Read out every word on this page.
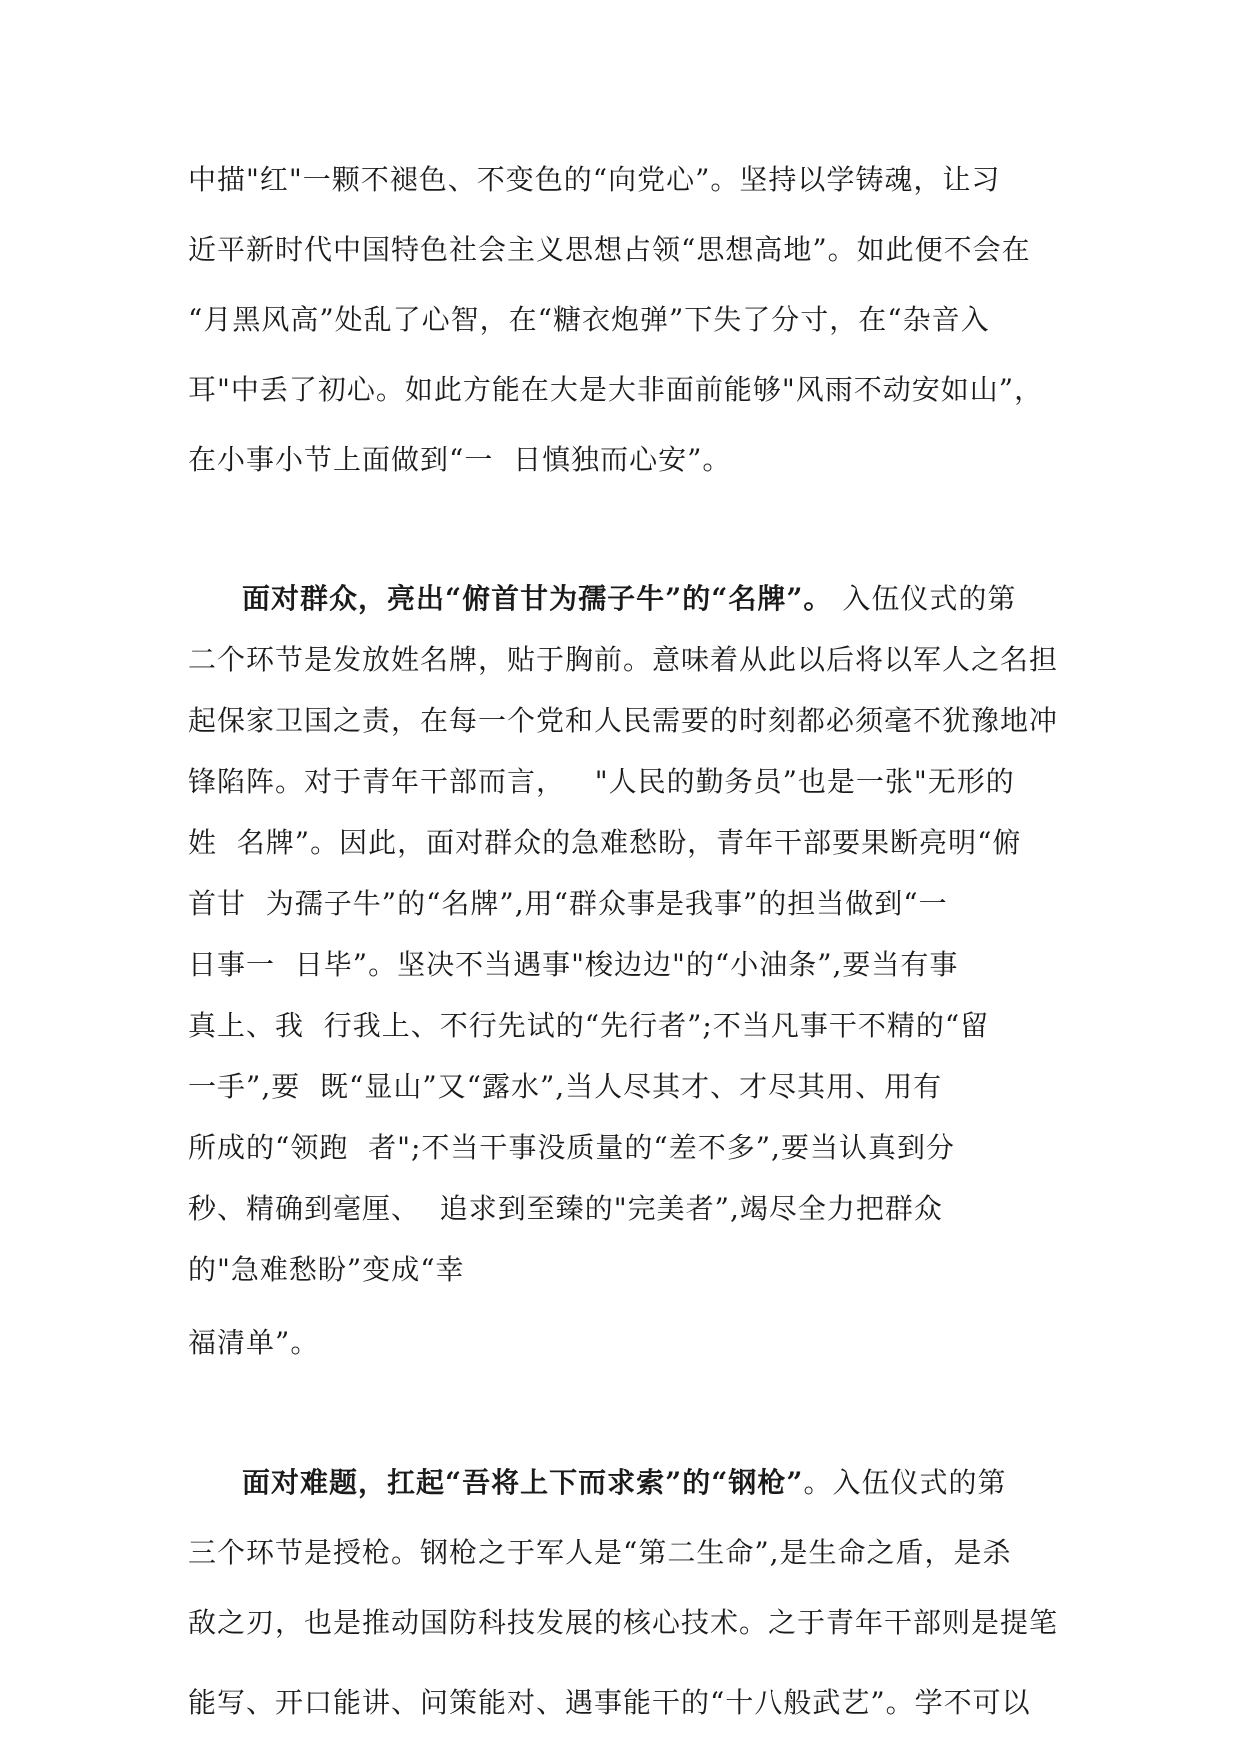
中描"红"一颗不褪色、不变色的“向党心”。坚持以学铸魂，让习

近平新时代中国特色社会主义思想占领“思想高地”。如此便不会在

“月黑风高”处乱了心智，在“糖衣炮弹”下失了分寸，在“杂音入

耳"中丢了初心。如此方能在大是大非面前能够"风雨不动安如山”，

在小事小节上面做到“一  日慎独而心安”。

面对群众，亮出“俯首甘为孺子牛”的“名牌”。 入伍仪式的第

二个环节是发放姓名牌，贴于胸前。意味着从此以后将以军人之名担

起保家卫国之责，在每一个党和人民需要的时刻都必须毫不犹豫地冲

锋陷阵。对于青年干部而言，   "人民的勤务员”也是一张"无形的

姓  名牌”。因此，面对群众的急难愁盼，青年干部要果断亮明“俯

首甘  为孺子牛”的“名牌”,用“群众事是我事”的担当做到“一

日事一  日毕”。坚决不当遇事"梭边边"的“小油条”,要当有事

真上、我  行我上、不行先试的“先行者”;不当凡事干不精的“留

一手”,要  既“显山”又“露水”,当人尽其才、才尽其用、用有

所成的“领跑  者";不当干事没质量的“差不多”,要当认真到分

秒、精确到毫厘、  追求到至臻的"完美者”,竭尽全力把群众

的"急难愁盼”变成“幸

福清单”。

面对难题，扛起“吾将上下而求索”的“钢枪”。入伍仪式的第

三个环节是授枪。钢枪之于军人是“第二生命”,是生命之盾，是杀

敌之刃，也是推动国防科技发展的核心技术。之于青年干部则是提笔

能写、开口能讲、问策能对、遇事能干的“十八般武艺”。学不可以
